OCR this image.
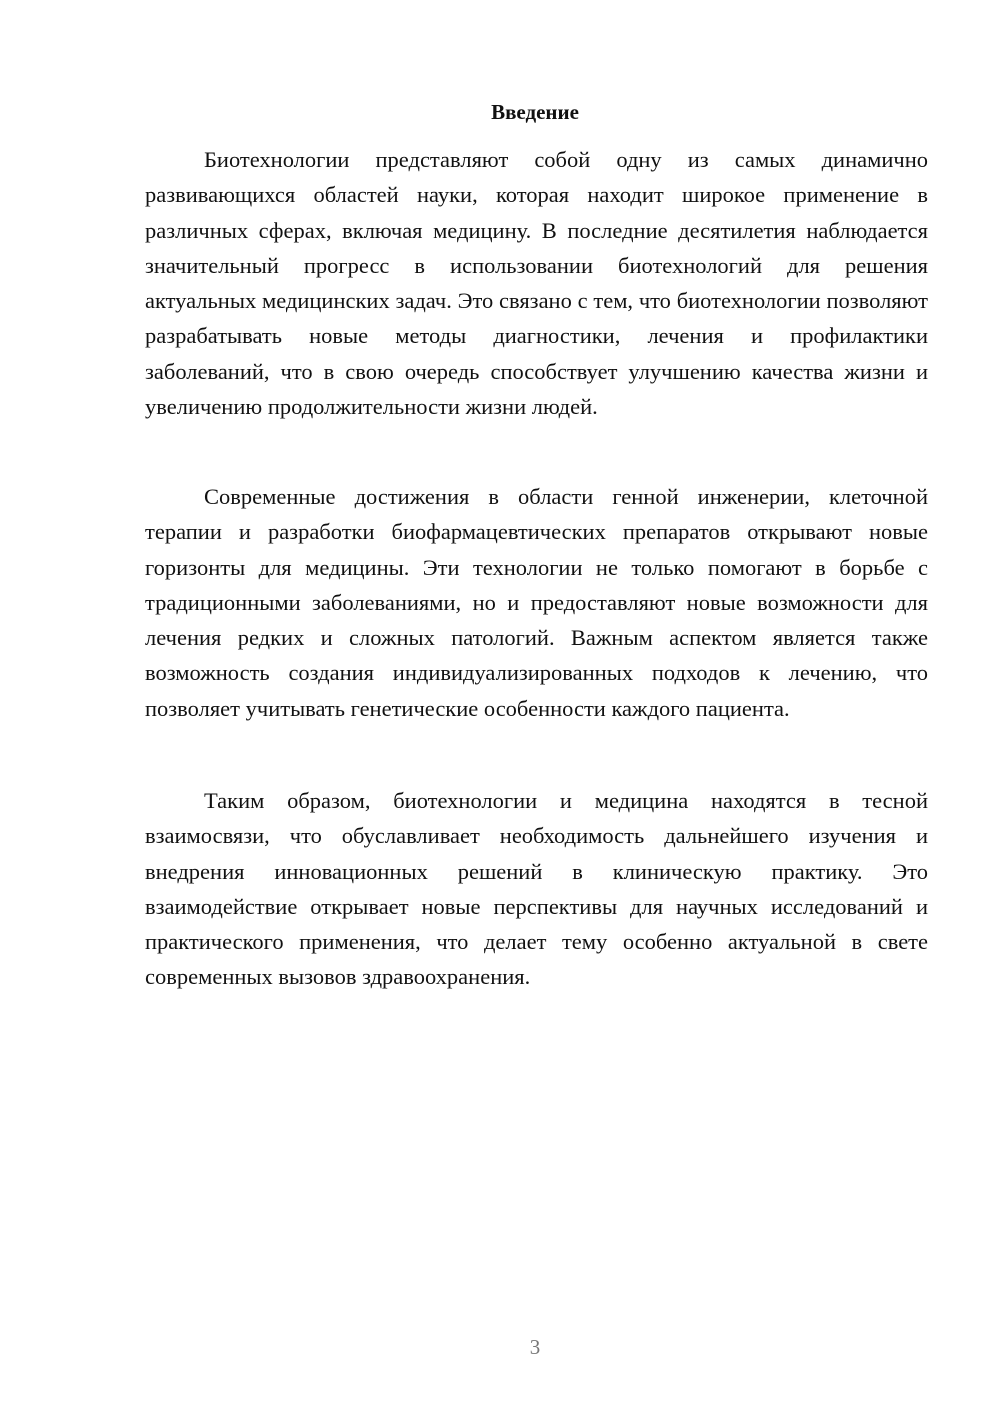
Введение

Биотехнологии представляют собой одну из самых динамично развивающихся областей науки, которая находит широкое применение в различных сферах, включая медицину. В последние десятилетия наблюдается значительный прогресс в использовании биотехнологий для решения актуальных медицинских задач. Это связано с тем, что биотехнологии позволяют разрабатывать новые методы диагностики, лечения и профилактики заболеваний, что в свою очередь способствует улучшению качества жизни и увеличению продолжительности жизни людей.

Современные достижения в области генной инженерии, клеточной терапии и разработки биофармацевтических препаратов открывают новые горизонты для медицины. Эти технологии не только помогают в борьбе с традиционными заболеваниями, но и предоставляют новые возможности для лечения редких и сложных патологий. Важным аспектом является также возможность создания индивидуализированных подходов к лечению, что позволяет учитывать генетические особенности каждого пациента.

Таким образом, биотехнологии и медицина находятся в тесной взаимосвязи, что обуславливает необходимость дальнейшего изучения и внедрения инновационных решений в клиническую практику. Это взаимодействие открывает новые перспективы для научных исследований и практического применения, что делает тему особенно актуальной в свете современных вызовов здравоохранения.

3
